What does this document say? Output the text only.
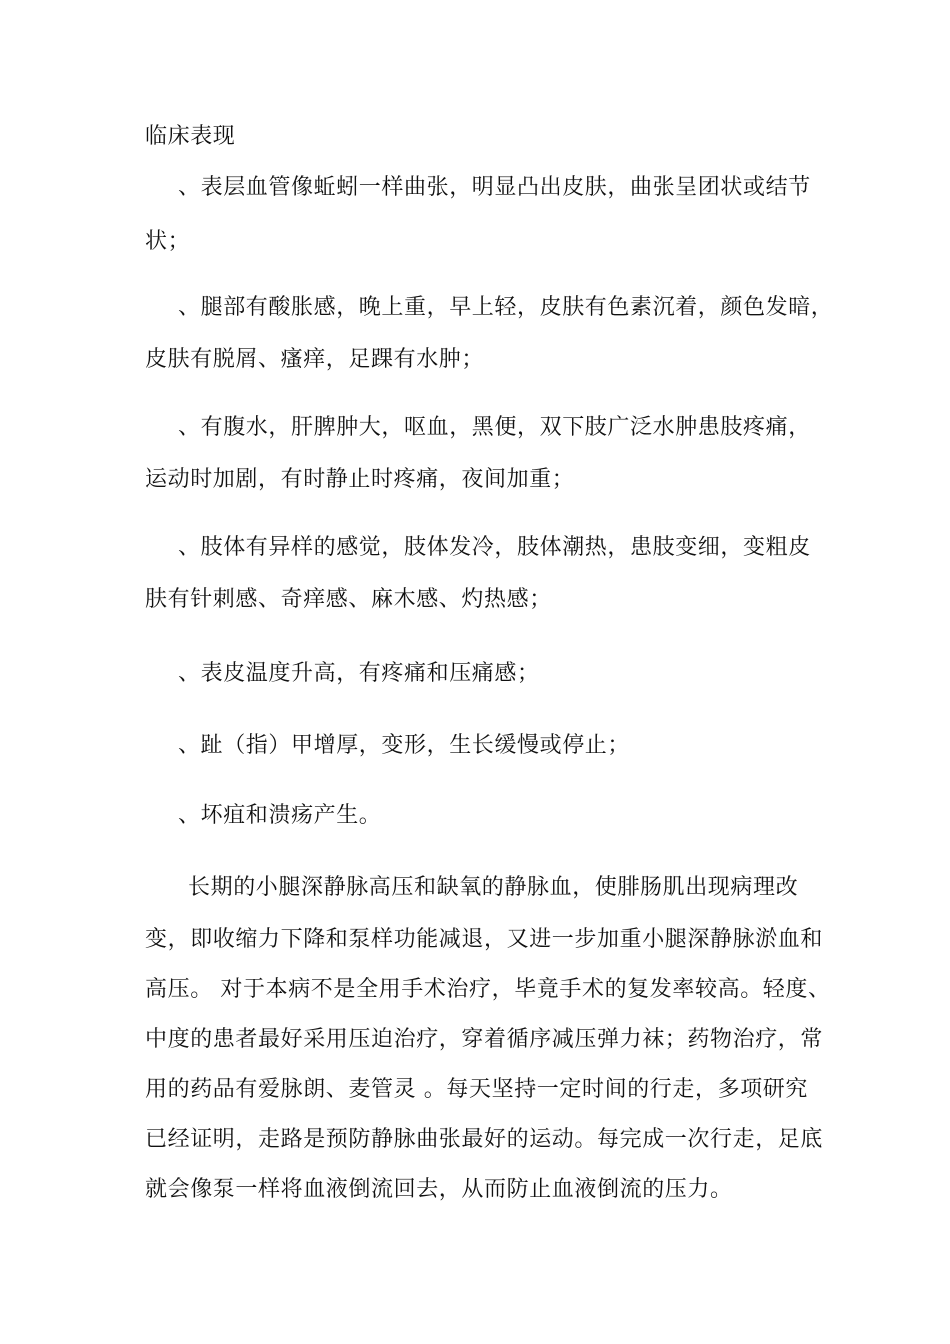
临床表现
、表层血管像蚯蚓一样曲张，明显凸出皮肤，曲张呈团状或结节
状；
、腿部有酸胀感，晚上重，早上轻，皮肤有色素沉着，颜色发暗，
皮肤有脱屑、瘙痒，足踝有水肿；
、有腹水，肝脾肿大，呕血，黑便，双下肢广泛水肿患肢疼痛，
运动时加剧，有时静止时疼痛，夜间加重；
、肢体有异样的感觉，肢体发冷，肢体潮热，患肢变细，变粗皮
肤有针刺感、奇痒感、麻木感、灼热感；
、表皮温度升高，有疼痛和压痛感；
、趾（指）甲增厚，变形，生长缓慢或停止；
、坏疽和溃疡产生。
长期的小腿深静脉高压和缺氧的静脉血，使腓肠肌出现病理改
变，即收缩力下降和泵样功能减退，又进一步加重小腿深静脉淤血和
高压。 对于本病不是全用手术治疗，毕竟手术的复发率较高。轻度、
中度的患者最好采用压迫治疗，穿着循序减压弹力袜；药物治疗，常
用的药品有爱脉朗、麦管灵 。每天坚持一定时间的行走，多项研究
已经证明，走路是预防静脉曲张最好的运动。每完成一次行走，足底
就会像泵一样将血液倒流回去，从而防止血液倒流的压力。
